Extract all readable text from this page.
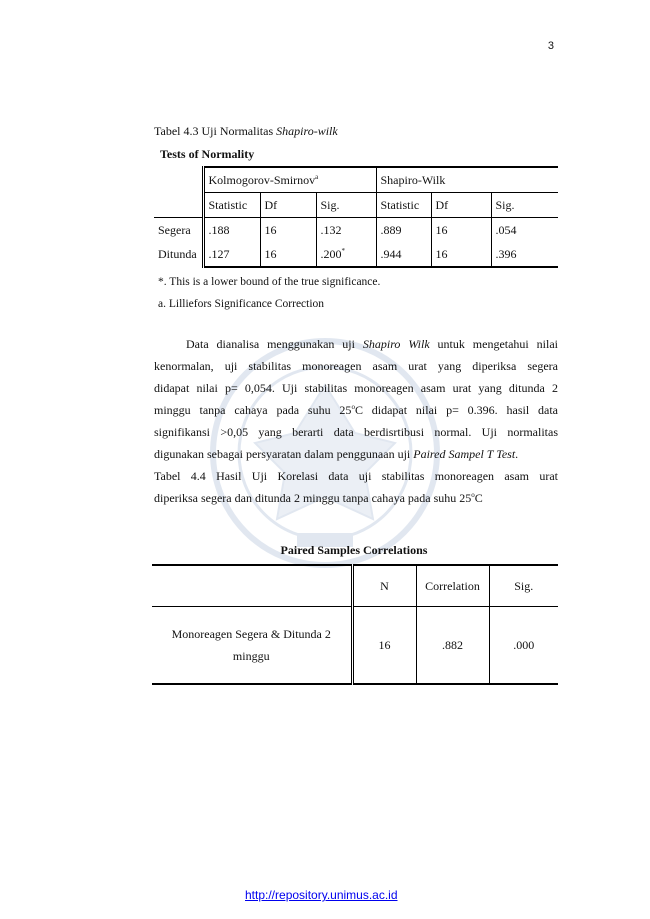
3
Tabel 4.3 Uji Normalitas Shapiro-wilk
Tests of Normality
	Kolmogorov-Smirnov$^a$			Shapiro-Wilk		
	Statistic	Df	Sig.	Statistic	Df	Sig.
Segera	.188	16	.132	.889	16	.054
Ditunda	.127	16	.200*	.944	16	.396
*. This is a lower bound of the true significance.
a. Lilliefors Significance Correction

Data dianalisa menggunakan uji Shapiro Wilk untuk mengetahui nilai

kenormalan, uji stabilitas monoreagen asam urat yang diperiksa segera

didapat nilai p= 0,054. Uji stabilitas monoreagen asam urat yang ditunda 2

minggu tanpa cahaya pada suhu 25$^o$C didapat nilai p= 0.396. hasil data

signifikansi >0,05 yang berarti data berdisrtibusi normal. Uji normalitas

digunakan sebagai persyaratan dalam penggunaan uji Paired Sampel T Test.

Tabel 4.4 Hasil Uji Korelasi data uji stabilitas monoreagen asam urat

diperiksa segera dan ditunda 2 minggu tanpa cahaya pada suhu 25$^o$C

Paired Samples Correlations
	N	Correlation	Sig.
Monoreagen Segera & Ditunda 2
minggu	16	.882	.000
http://repository.unimus.ac.id
